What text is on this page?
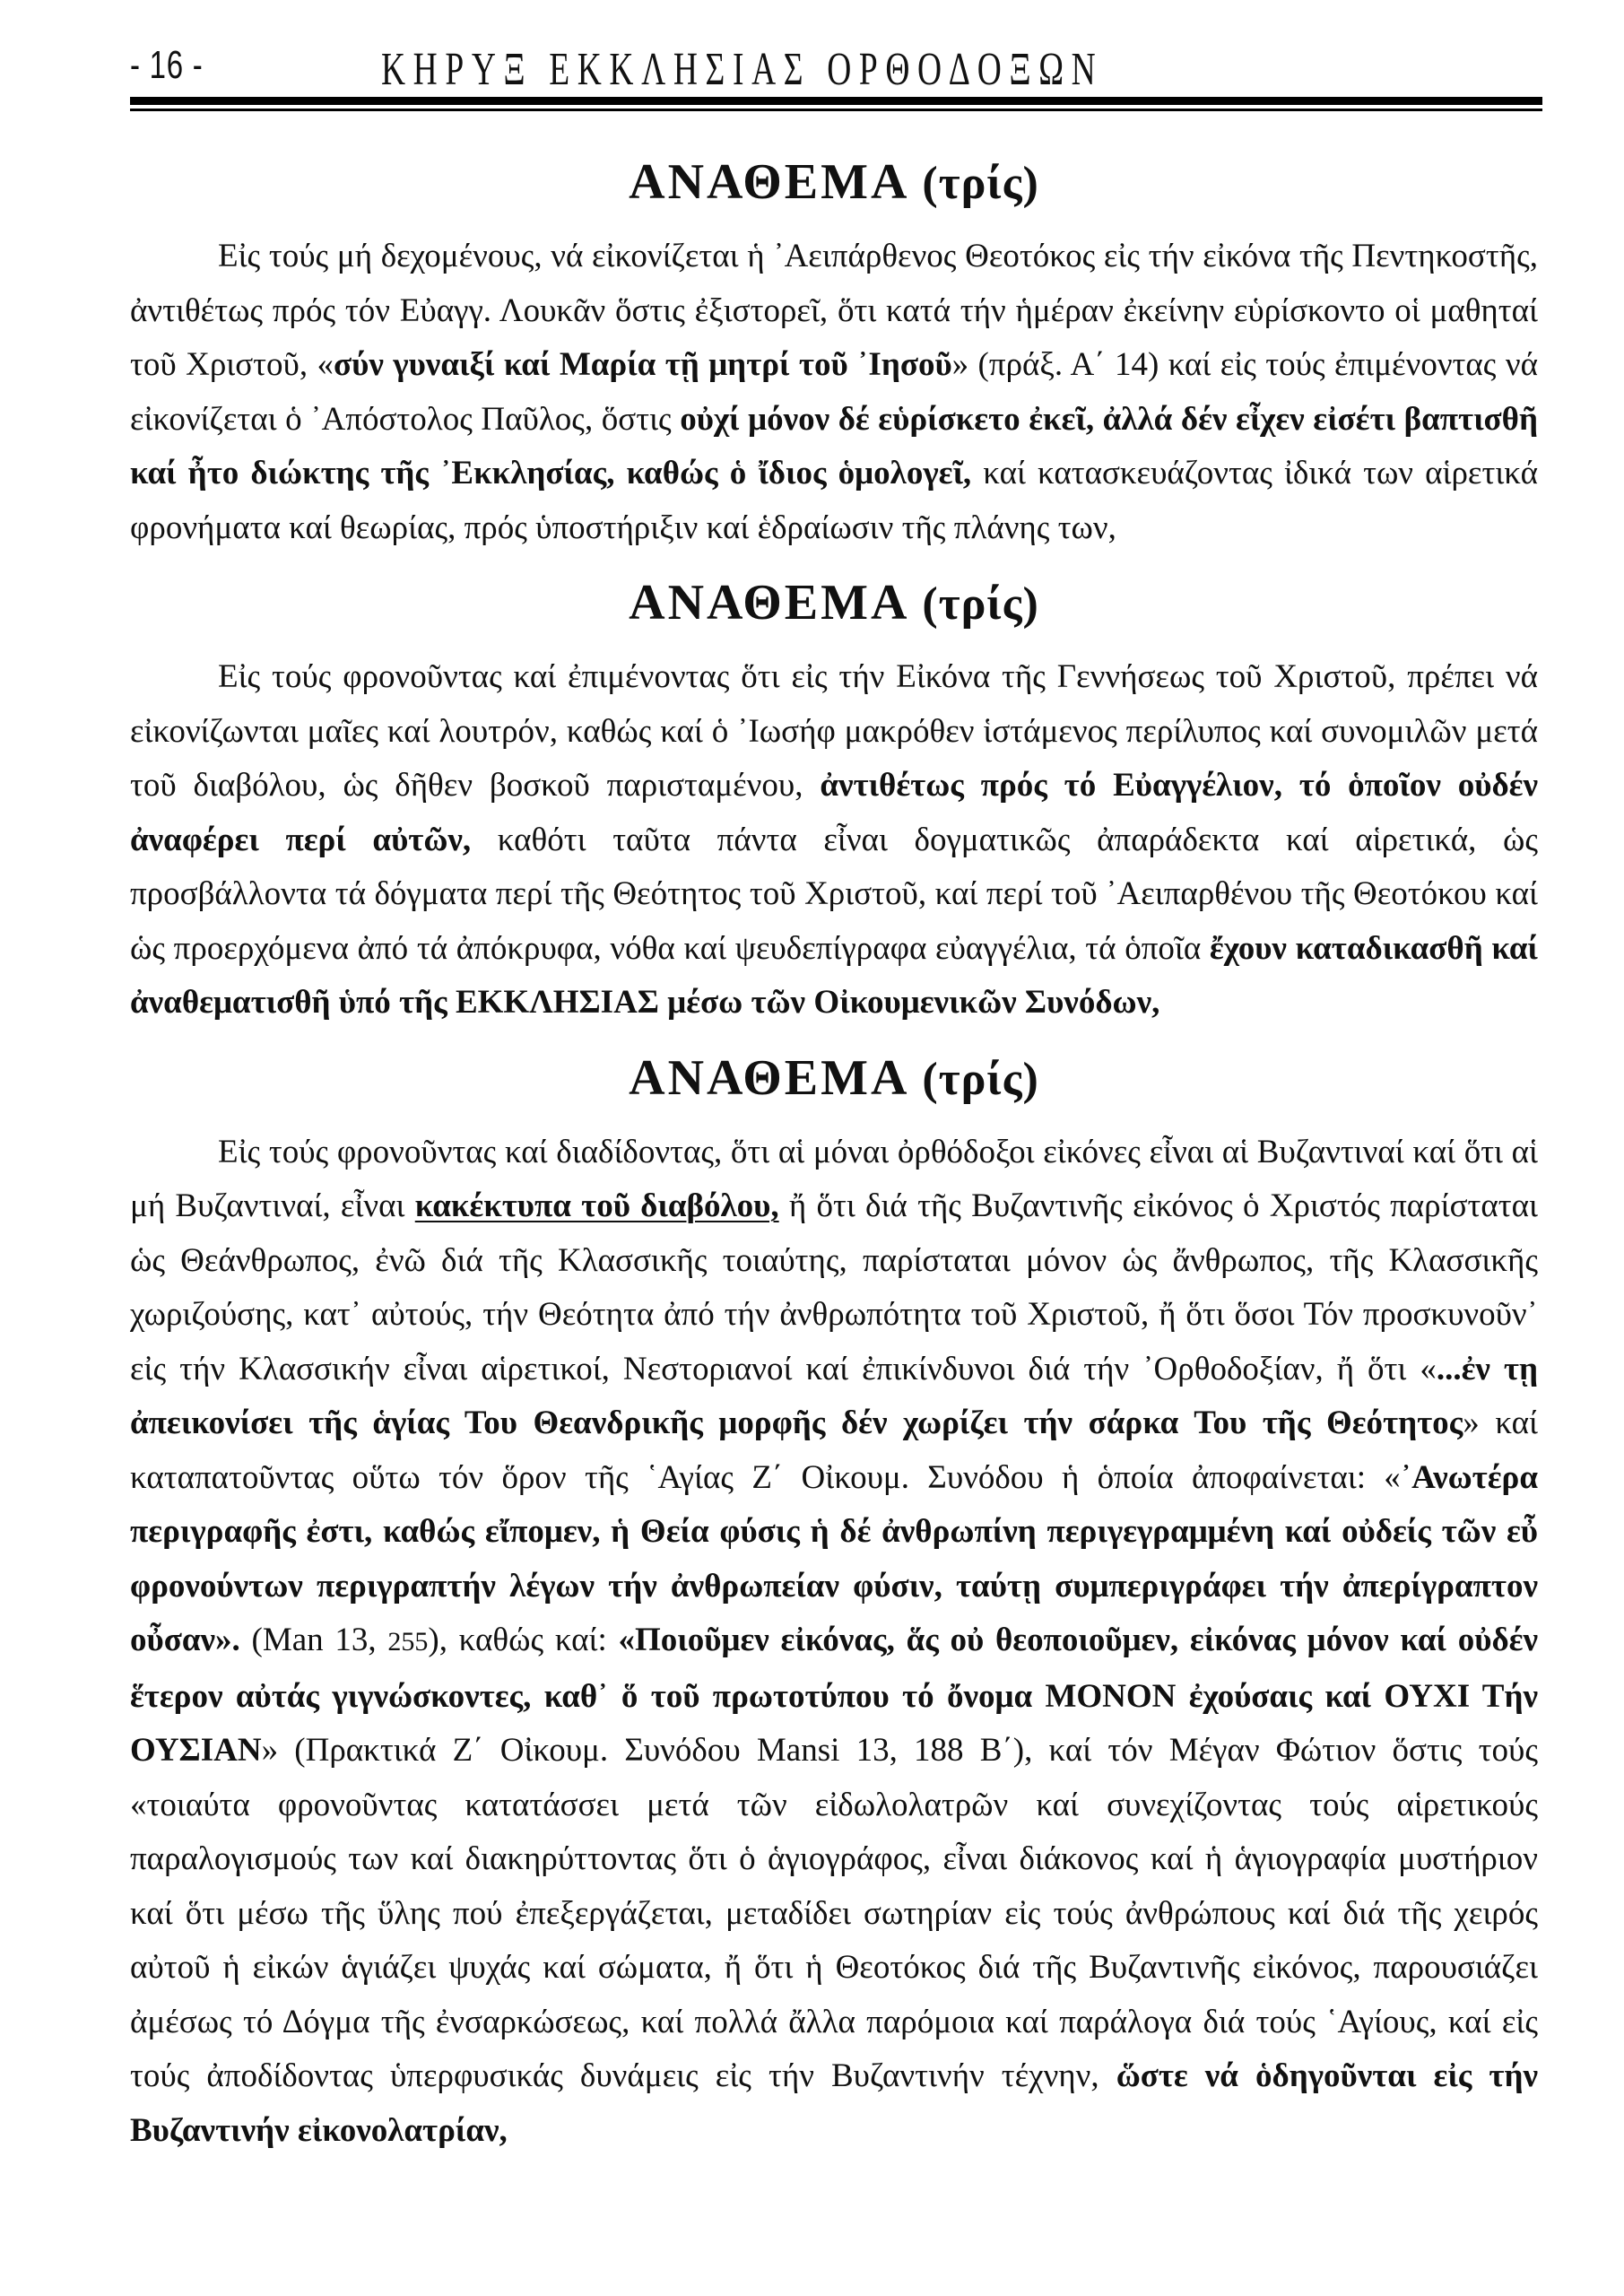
- 16 -	ΚΗΡΥΞ ΕΚΚΛΗΣΙΑΣ ΟΡΘΟΔΟΞΩΝ
ΑΝΑΘΕΜΑ (τρίς)

Εἰς τούς μή δεχομένους, νά εἰκονίζεται ἡ ᾿Αειπάρθενος Θεοτόκος εἰς τήν εἰκόνα τῆς Πεντηκοστῆς, ἀντιθέτως πρός τόν Εὐαγγ. Λουκᾶν ὅστις ἐξιστορεῖ, ὅτι κατά τήν ἡμέραν ἐκείνην εὑρίσκοντο οἱ μαθηταί τοῦ Χριστοῦ, «σύν γυναιξί καί Μαρία τῇ μητρί τοῦ ᾿Ιησοῦ» (πράξ. Α΄ 14) καί εἰς τούς ἐπιμένοντας νά εἰκονίζεται ὁ ᾿Απόστολος Παῦλος, ὅστις οὐχί μόνον δέ εὑρίσκετο ἐκεῖ, ἀλλά δέν εἶχεν εἰσέτι βαπτισθῆ καί ἦτο διώκτης τῆς ᾿Εκκλησίας, καθώς ὁ ἴδιος ὁμολογεῖ, καί κατασκευάζοντας ἰδικά των αἱρετικά φρονήματα καί θεωρίας, πρός ὑποστήριξιν καί ἑδραίωσιν τῆς πλάνης των,

ΑΝΑΘΕΜΑ (τρίς)

Εἰς τούς φρονοῦντας καί ἐπιμένοντας ὅτι εἰς τήν Εἰκόνα τῆς Γεννήσεως τοῦ Χριστοῦ, πρέπει νά εἰκονίζωνται μαῖες καί λουτρόν, καθώς καί ὁ ᾿Ιωσήφ μακρόθεν ἱστάμενος περίλυπος καί συνομιλῶν μετά τοῦ διαβόλου, ὡς δῆθεν βοσκοῦ παρισταμένου, ἀντιθέτως πρός τό Εὐαγγέλιον, τό ὁποῖον οὐδέν ἀναφέρει περί αὐτῶν, καθότι ταῦτα πάντα εἶναι δογματικῶς ἀπαράδεκτα καί αἱρετικά, ὡς προσβάλλοντα τά δόγματα περί τῆς Θεότητος τοῦ Χριστοῦ, καί περί τοῦ ᾿Αειπαρθένου τῆς Θεοτόκου καί ὡς προερχόμενα ἀπό τά ἀπόκρυφα, νόθα καί ψευδεπίγραφα εὐαγγέλια, τά ὁποῖα ἔχουν καταδικασθῆ καί ἀναθεματισθῆ ὑπό τῆς ΕΚΚΛΗΣΙΑΣ μέσω τῶν Οἰκουμενικῶν Συνόδων,

ΑΝΑΘΕΜΑ (τρίς)

Εἰς τούς φρονοῦντας καί διαδίδοντας, ὅτι αἱ μόναι ὀρθόδοξοι εἰκόνες εἶναι αἱ Βυζαντιναί καί ὅτι αἱ μή Βυζαντιναί, εἶναι κακέκτυπα τοῦ διαβόλου, ἤ ὅτι διά τῆς Βυζαντινῆς εἰκόνος ὁ Χριστός παρίσταται ὡς Θεάνθρωπος, ἐνῶ διά τῆς Κλασσικῆς τοιαύτης, παρίσταται μόνον ὡς ἄνθρωπος, τῆς Κλασσικῆς χωριζούσης, κατ᾿ αὐτούς, τήν Θεότητα ἀπό τήν ἀνθρωπότητα τοῦ Χριστοῦ, ἤ ὅτι ὅσοι Τόν προσκυνοῦν᾿ εἰς τήν Κλασσικήν εἶναι αἱρετικοί, Νεστοριανοί καί ἐπικίνδυνοι διά τήν ᾿Ορθοδοξίαν, ἤ ὅτι «...ἐν τῃ ἀπεικονίσει τῆς ἁγίας Του Θεανδρικῆς μορφῆς δέν χωρίζει τήν σάρκα Του τῆς Θεότητος» καί καταπατοῦντας οὕτω τόν ὅρον τῆς ῾Αγίας Ζ΄ Οἰκουμ. Συνόδου ἡ ὁποία ἀποφαίνεται: «᾿Ανωτέρα περιγραφῆς ἐστι, καθώς εἴπομεν, ἡ Θεία φύσις ἡ δέ ἀνθρωπίνη περιγεγραμμένη καί οὐδείς τῶν εὖ φρονούντων περιγραπτήν λέγων τήν ἀνθρωπείαν φύσιν, ταύτῃ συμπεριγράφει τήν ἀπερίγραπτον οὖσαν». (Man 13, 255), καθώς καί: «Ποιοῦμεν εἰκόνας, ἅς οὐ θεοποιοῦμεν, εἰκόνας μόνον καί οὐδέν ἕτερον αὐτάς γιγνώσκοντες, καθ᾿ ὅ τοῦ πρωτοτύπου τό ὄνομα ΜΟΝΟΝ ἐχούσαις καί ΟΥΧΙ Τήν ΟΥΣΙΑΝ» (Πρακτικά Ζ΄ Οἰκουμ. Συνόδου Mansi 13, 188 Β΄), καί τόν Μέγαν Φώτιον ὅστις τούς «τοιαύτα φρονοῦντας κατατάσσει μετά τῶν εἰδωλολατρῶν καί συνεχίζοντας τούς αἱρετικούς παραλογισμούς των καί διακηρύττοντας ὅτι ὁ ἁγιογράφος, εἶναι διάκονος καί ἡ ἁγιογραφία μυστήριον καί ὅτι μέσω τῆς ὕλης πού ἐπεξεργάζεται, μεταδίδει σωτηρίαν εἰς τούς ἀνθρώπους καί διά τῆς χειρός αὐτοῦ ἡ εἰκών ἁγιάζει ψυχάς καί σώματα, ἤ ὅτι ἡ Θεοτόκος διά τῆς Βυζαντινῆς εἰκόνος, παρουσιάζει ἀμέσως τό Δόγμα τῆς ἐνσαρκώσεως, καί πολλά ἄλλα παρόμοια καί παράλογα διά τούς ῾Αγίους, καί εἰς τούς ἀποδίδοντας ὑπερφυσικάς δυνάμεις εἰς τήν Βυζαντινήν τέχνην, ὥστε νά ὁδηγοῦνται εἰς τήν Βυζαντινήν εἰκονολατρίαν,
